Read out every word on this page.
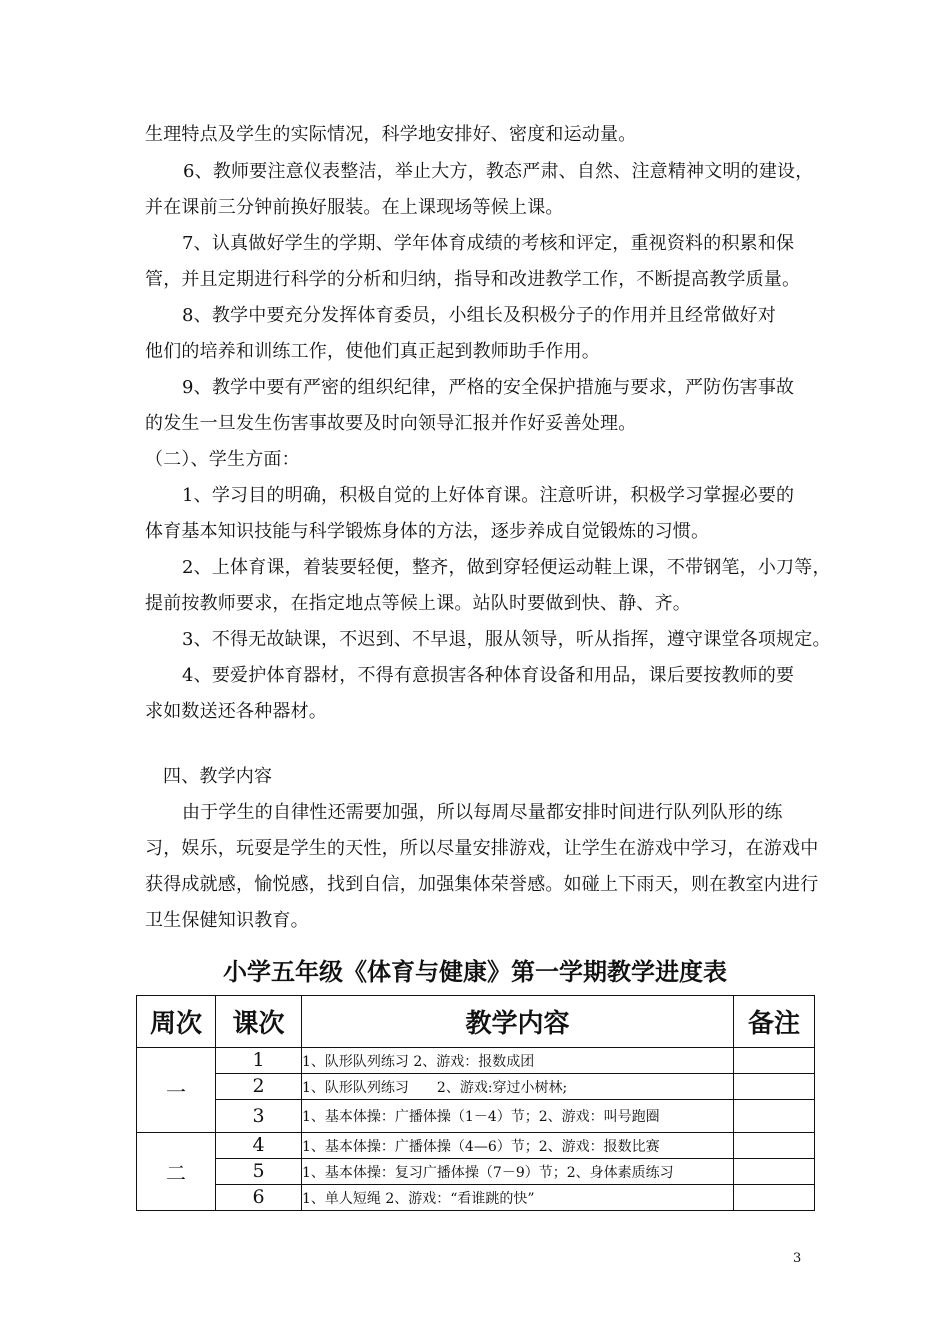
生理特点及学生的实际情况，科学地安排好、密度和运动量。
6、教师要注意仪表整洁，举止大方，教态严肃、自然、注意精神文明的建设，
并在课前三分钟前换好服装。在上课现场等候上课。
7、认真做好学生的学期、学年体育成绩的考核和评定，重视资料的积累和保
管，并且定期进行科学的分析和归纳，指导和改进教学工作，不断提高教学质量。
8、教学中要充分发挥体育委员，小组长及积极分子的作用并且经常做好对
他们的培养和训练工作，使他们真正起到教师助手作用。
9、教学中要有严密的组织纪律，严格的安全保护措施与要求，严防伤害事故
的发生一旦发生伤害事故要及时向领导汇报并作好妥善处理。
（二）、学生方面：
1、学习目的明确，积极自觉的上好体育课。注意听讲，积极学习掌握必要的
体育基本知识技能与科学锻炼身体的方法，逐步养成自觉锻炼的习惯。
2、上体育课，着装要轻便，整齐，做到穿轻便运动鞋上课，不带钢笔，小刀等，
提前按教师要求，在指定地点等候上课。站队时要做到快、静、齐。
3、不得无故缺课，不迟到、不早退，服从领导，听从指挥，遵守课堂各项规定。
4、要爱护体育器材，不得有意损害各种体育设备和用品，课后要按教师的要
求如数送还各种器材。
四、教学内容
由于学生的自律性还需要加强，所以每周尽量都安排时间进行队列队形的练
习，娱乐，玩耍是学生的天性，所以尽量安排游戏，让学生在游戏中学习，在游戏中
获得成就感，愉悦感，找到自信，加强集体荣誉感。如碰上下雨天，则在教室内进行
卫生保健知识教育。
小学五年级《体育与健康》第一学期教学进度表
周次	课次	教学内容	备注
一	1	1、队形队列练习 2、游戏：报数成团	
	2	1、队形队列练习　　2、游戏:穿过小树林;	
	3	1、基本体操：广播体操（1－4）节；2、游戏：叫号跑圈	
二	4	1、基本体操：广播体操（4—6）节；2、游戏：报数比赛	
	5	1、基本体操：复习广播体操（7－9）节；2、身体素质练习	
	6	1、单人短绳 2、游戏：“看谁跳的快”	
3
